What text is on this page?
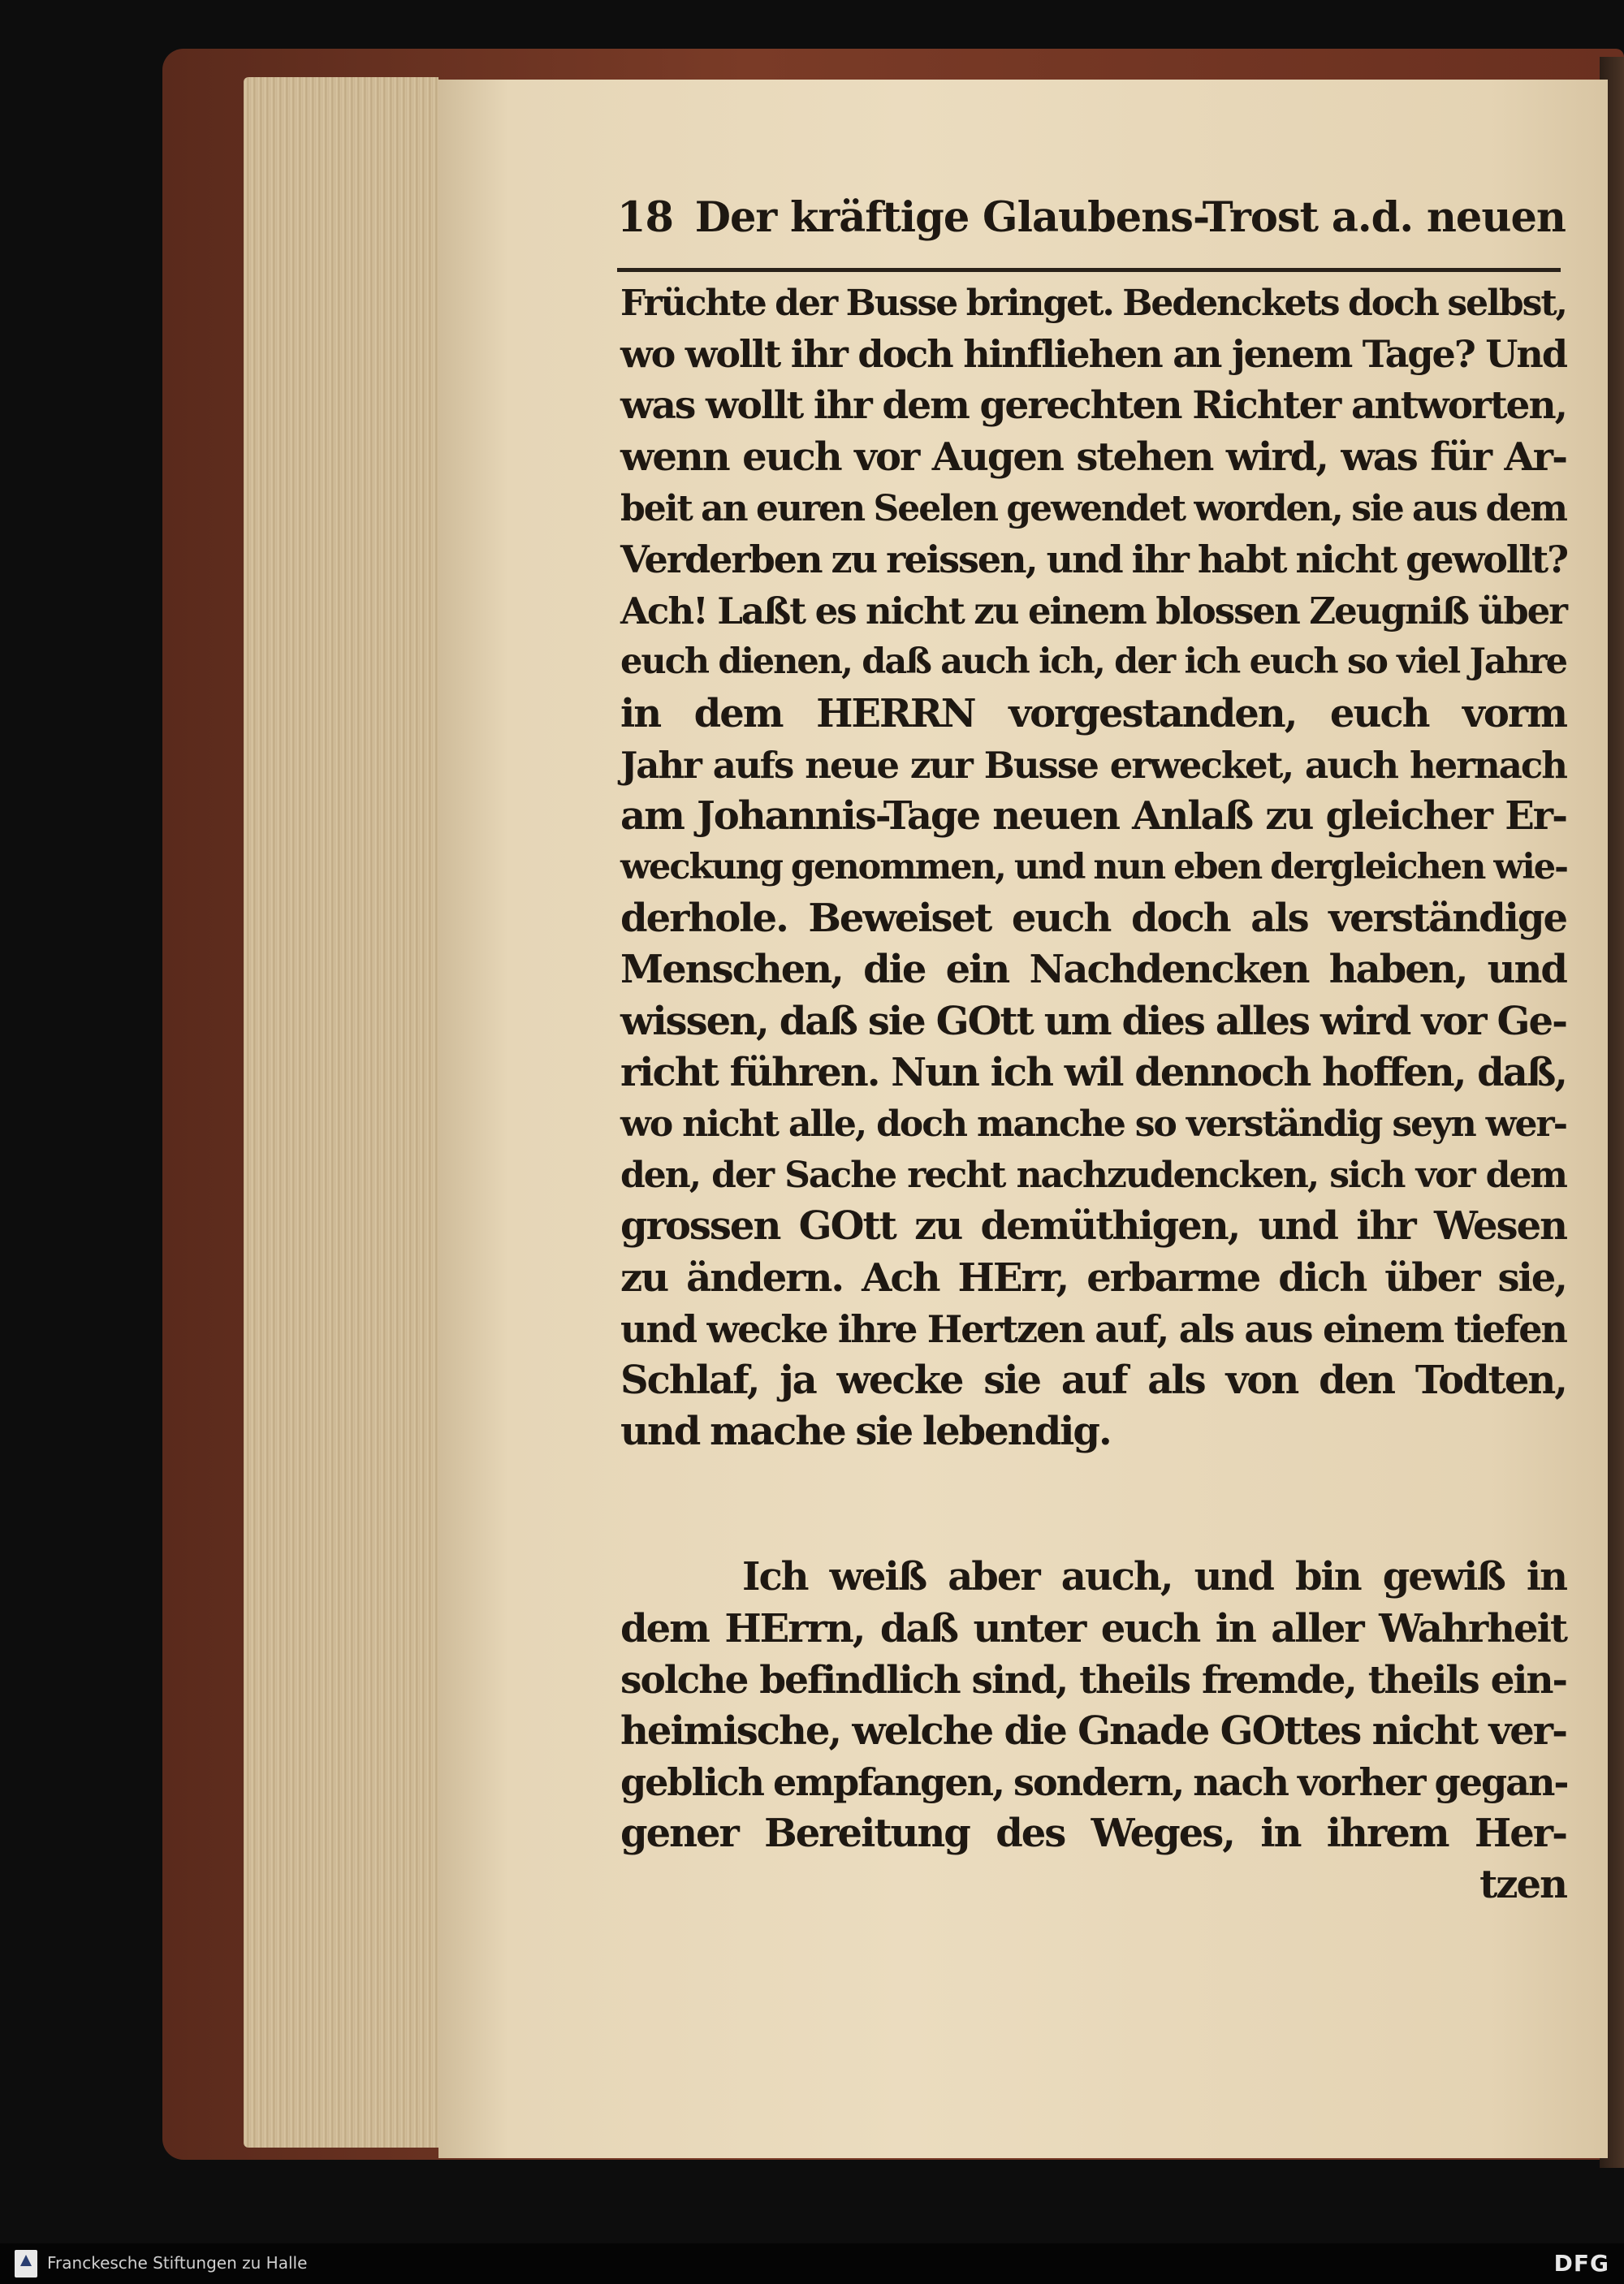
18 Der kräftige Glaubens-Trost a.d. neuen
Früchte der Busse bringet. Bedenckets doch selbst,
wo wollt ihr doch hinfliehen an jenem Tage? Und
was wollt ihr dem gerechten Richter antworten,
wenn euch vor Augen stehen wird, was für Ar-
beit an euren Seelen gewendet worden, sie aus dem
Verderben zu reissen, und ihr habt nicht gewollt?
Ach! Laßt es nicht zu einem blossen Zeugniß über
euch dienen, daß auch ich, der ich euch so viel Jahre
in dem HERRN vorgestanden, euch vorm
Jahr aufs neue zur Busse erwecket, auch hernach
am Johannis-Tage neuen Anlaß zu gleicher Er-
weckung genommen, und nun eben dergleichen wie-
derhole. Beweiset euch doch als verständige
Menschen, die ein Nachdencken haben, und
wissen, daß sie GOtt um dies alles wird vor Ge-
richt führen. Nun ich wil dennoch hoffen, daß,
wo nicht alle, doch manche so verständig seyn wer-
den, der Sache recht nachzudencken, sich vor dem
grossen GOtt zu demüthigen, und ihr Wesen
zu ändern. Ach HErr, erbarme dich über sie,
und wecke ihre Hertzen auf, als aus einem tiefen
Schlaf, ja wecke sie auf als von den Todten,
und mache sie lebendig.
Ich weiß aber auch, und bin gewiß in
dem HErrn, daß unter euch in aller Wahrheit
solche befindlich sind, theils fremde, theils ein-
heimische, welche die Gnade GOttes nicht ver-
geblich empfangen, sondern, nach vorher gegan-
gener Bereitung des Weges, in ihrem Her-
tzen
Franckesche Stiftungen zu Halle	DFG
